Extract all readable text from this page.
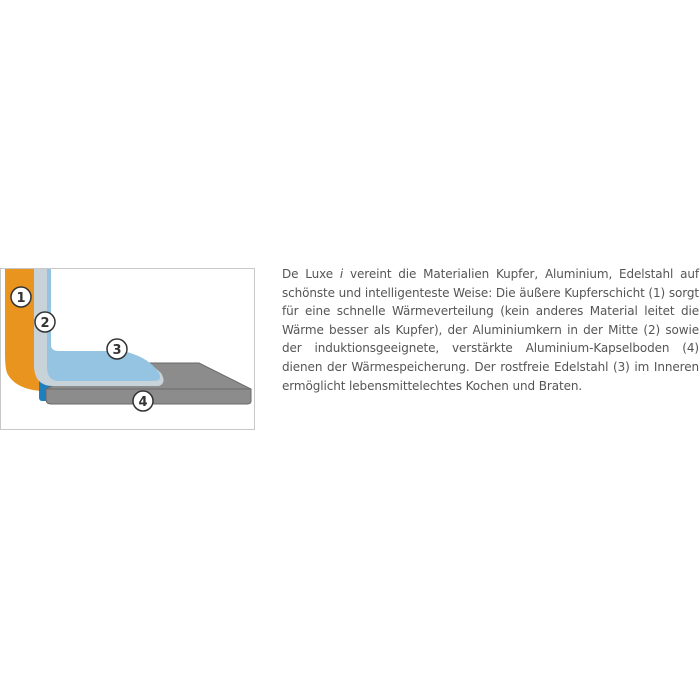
1
2
3
4

De Luxe i vereint die Materialien Kupfer, Aluminium, Edelstahl auf schönste und intelligenteste Weise: Die äußere Kupferschicht (1) sorgt für eine schnelle Wärmeverteilung (kein anderes Material leitet die Wärme besser als Kupfer), der Aluminiumkern in der Mitte (2) sowie der induktionsgeeignete, verstärkte Aluminium-Kapselboden (4) dienen der Wärmespeicherung. Der rostfreie Edelstahl (3) im Inneren ermöglicht lebensmittelechtes Kochen und Braten.
